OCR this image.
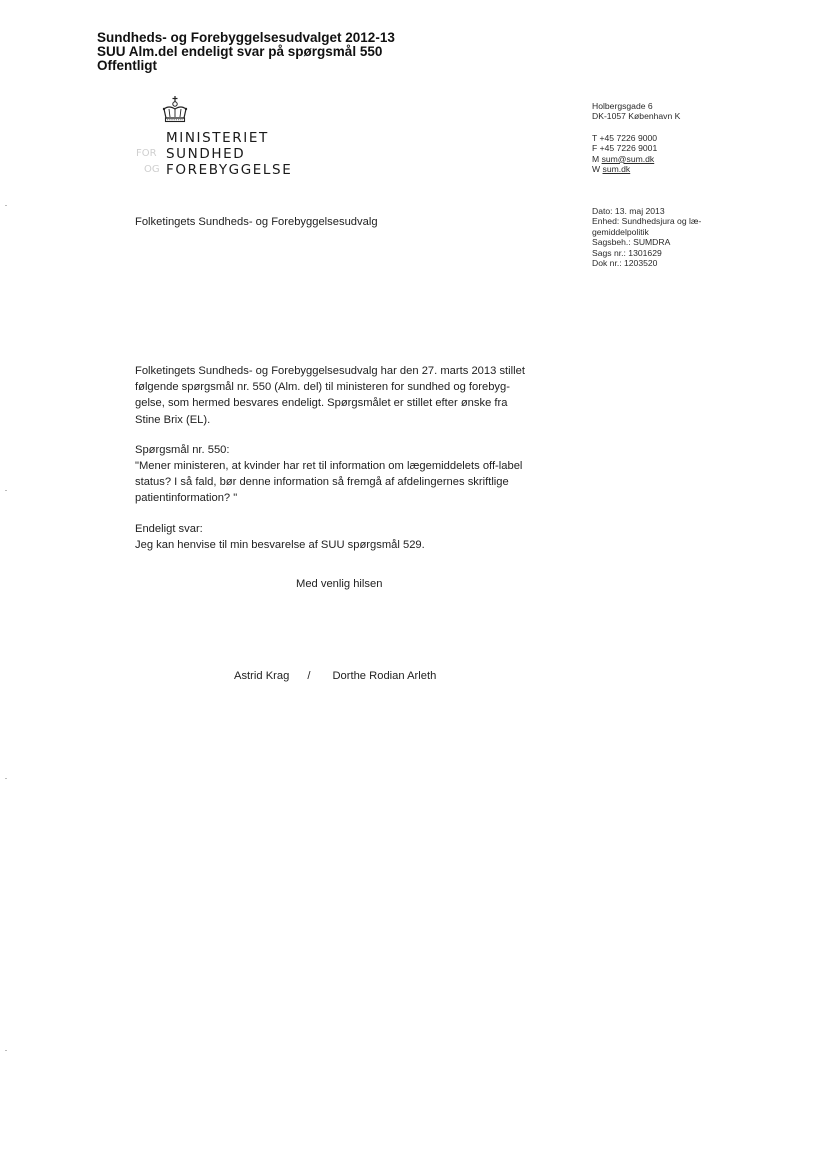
Sundheds- og Forebyggelsesudvalget 2012-13
SUU Alm.del endeligt svar på spørgsmål 550
Offentligt
FOR
OG
MINISTERIET
SUNDHED
FOREBYGGELSE
Holbergsgade 6
DK-1057 København K
T +45 7226 9000
F +45 7226 9001
M sum@sum.dk
W sum.dk
Dato: 13. maj 2013
Enhed: Sundhedsjura og læ-
gemiddelpolitik
Sagsbeh.: SUMDRA
Sags nr.: 1301629
Dok nr.: 1203520
Folketingets Sundheds- og Forebyggelsesudvalg

Folketingets Sundheds- og Forebyggelsesudvalg har den 27. marts 2013 stillet

følgende spørgsmål nr. 550 (Alm. del) til ministeren for sundhed og forebyg-

gelse, som hermed besvares endeligt. Spørgsmålet er stillet efter ønske fra

Stine Brix (EL).

Spørgsmål nr. 550:

"Mener ministeren, at kvinder har ret til information om lægemiddelets off-label

status? I så fald, bør denne information så fremgå af afdelingernes skriftlige

patientinformation? "

Endeligt svar:

Jeg kan henvise til min besvarelse af SUU spørgsmål 529.

Med venlig hilsen
Astrid Krag / Dorthe Rodian Arleth
